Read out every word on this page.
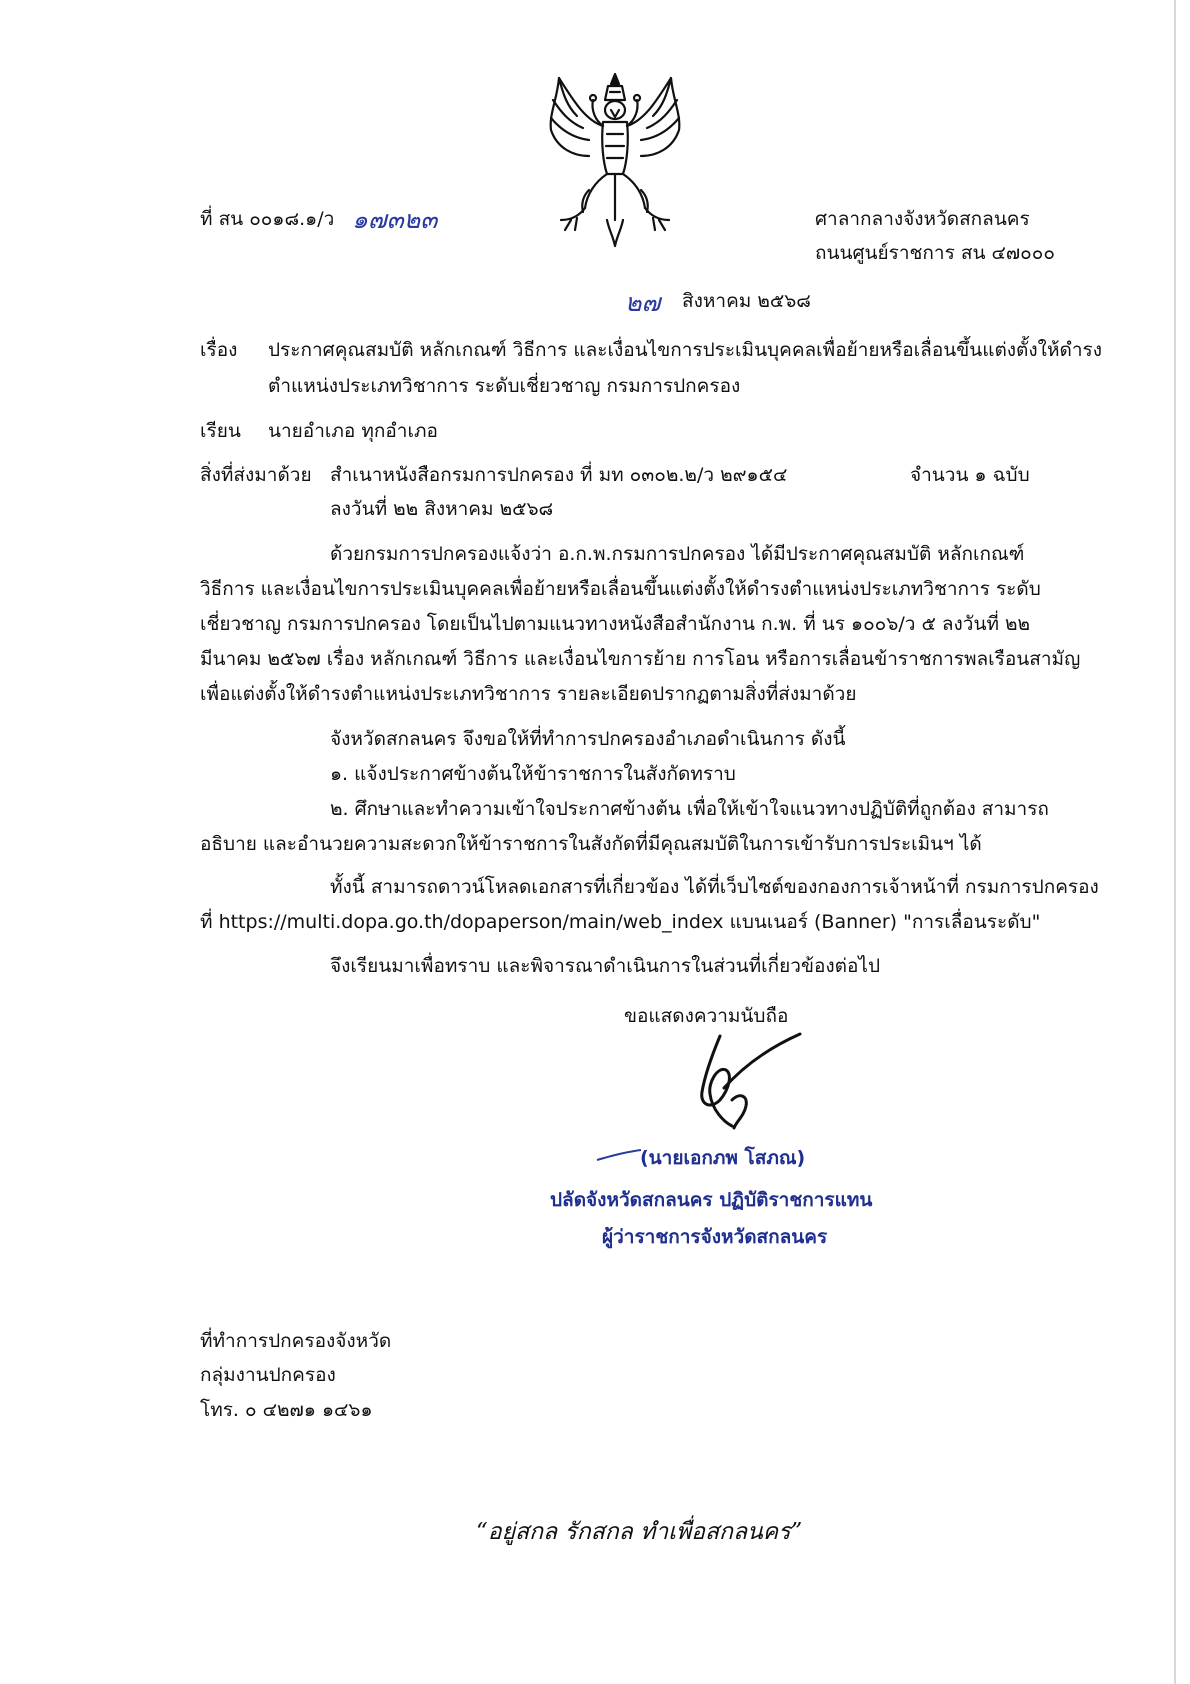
ที่ สน ๐๐๑๘.๑/ว ๑๗๓๒๓	ศาลากลางจังหวัดสกลนคร
ถนนศูนย์ราชการ สน ๔๗๐๐๐
๒๗ สิงหาคม ๒๕๖๘
เรื่อง ประกาศคุณสมบัติ หลักเกณฑ์ วิธีการ และเงื่อนไขการประเมินบุคคลเพื่อย้ายหรือเลื่อนขึ้นแต่งตั้งให้ดำรง
ตำแหน่งประเภทวิชาการ ระดับเชี่ยวชาญ กรมการปกครอง
เรียน นายอำเภอ ทุกอำเภอ
สิ่งที่ส่งมาด้วย สำเนาหนังสือกรมการปกครอง ที่ มท ๐๓๐๒.๒/ว ๒๙๑๕๔	จำนวน ๑ ฉบับ
ลงวันที่ ๒๒ สิงหาคม ๒๕๖๘
ด้วยกรมการปกครองแจ้งว่า อ.ก.พ.กรมการปกครอง ได้มีประกาศคุณสมบัติ หลักเกณฑ์
วิธีการ และเงื่อนไขการประเมินบุคคลเพื่อย้ายหรือเลื่อนขึ้นแต่งตั้งให้ดำรงตำแหน่งประเภทวิชาการ ระดับ
เชี่ยวชาญ กรมการปกครอง โดยเป็นไปตามแนวทางหนังสือสำนักงาน ก.พ. ที่ นร ๑๐๐๖/ว ๕ ลงวันที่ ๒๒
มีนาคม ๒๕๖๗ เรื่อง หลักเกณฑ์ วิธีการ และเงื่อนไขการย้าย การโอน หรือการเลื่อนข้าราชการพลเรือนสามัญ
เพื่อแต่งตั้งให้ดำรงตำแหน่งประเภทวิชาการ รายละเอียดปรากฏตามสิ่งที่ส่งมาด้วย
จังหวัดสกลนคร จึงขอให้ที่ทำการปกครองอำเภอดำเนินการ ดังนี้
๑. แจ้งประกาศข้างต้นให้ข้าราชการในสังกัดทราบ
๒. ศึกษาและทำความเข้าใจประกาศข้างต้น เพื่อให้เข้าใจแนวทางปฏิบัติที่ถูกต้อง สามารถ
อธิบาย และอำนวยความสะดวกให้ข้าราชการในสังกัดที่มีคุณสมบัติในการเข้ารับการประเมินฯ ได้
ทั้งนี้ สามารถดาวน์โหลดเอกสารที่เกี่ยวข้อง ได้ที่เว็บไซต์ของกองการเจ้าหน้าที่ กรมการปกครอง
ที่ https://multi.dopa.go.th/dopaperson/main/web_index แบนเนอร์ (Banner) "การเลื่อนระดับ"
จึงเรียนมาเพื่อทราบ และพิจารณาดำเนินการในส่วนที่เกี่ยวข้องต่อไป
ขอแสดงความนับถือ
(นายเอกภพ โสภณ)
ปลัดจังหวัดสกลนคร ปฏิบัติราชการแทน
ผู้ว่าราชการจังหวัดสกลนคร
ที่ทำการปกครองจังหวัด
กลุ่มงานปกครอง
โทร. ๐ ๔๒๗๑ ๑๔๖๑
“อยู่สกล รักสกล ทำเพื่อสกลนคร”
